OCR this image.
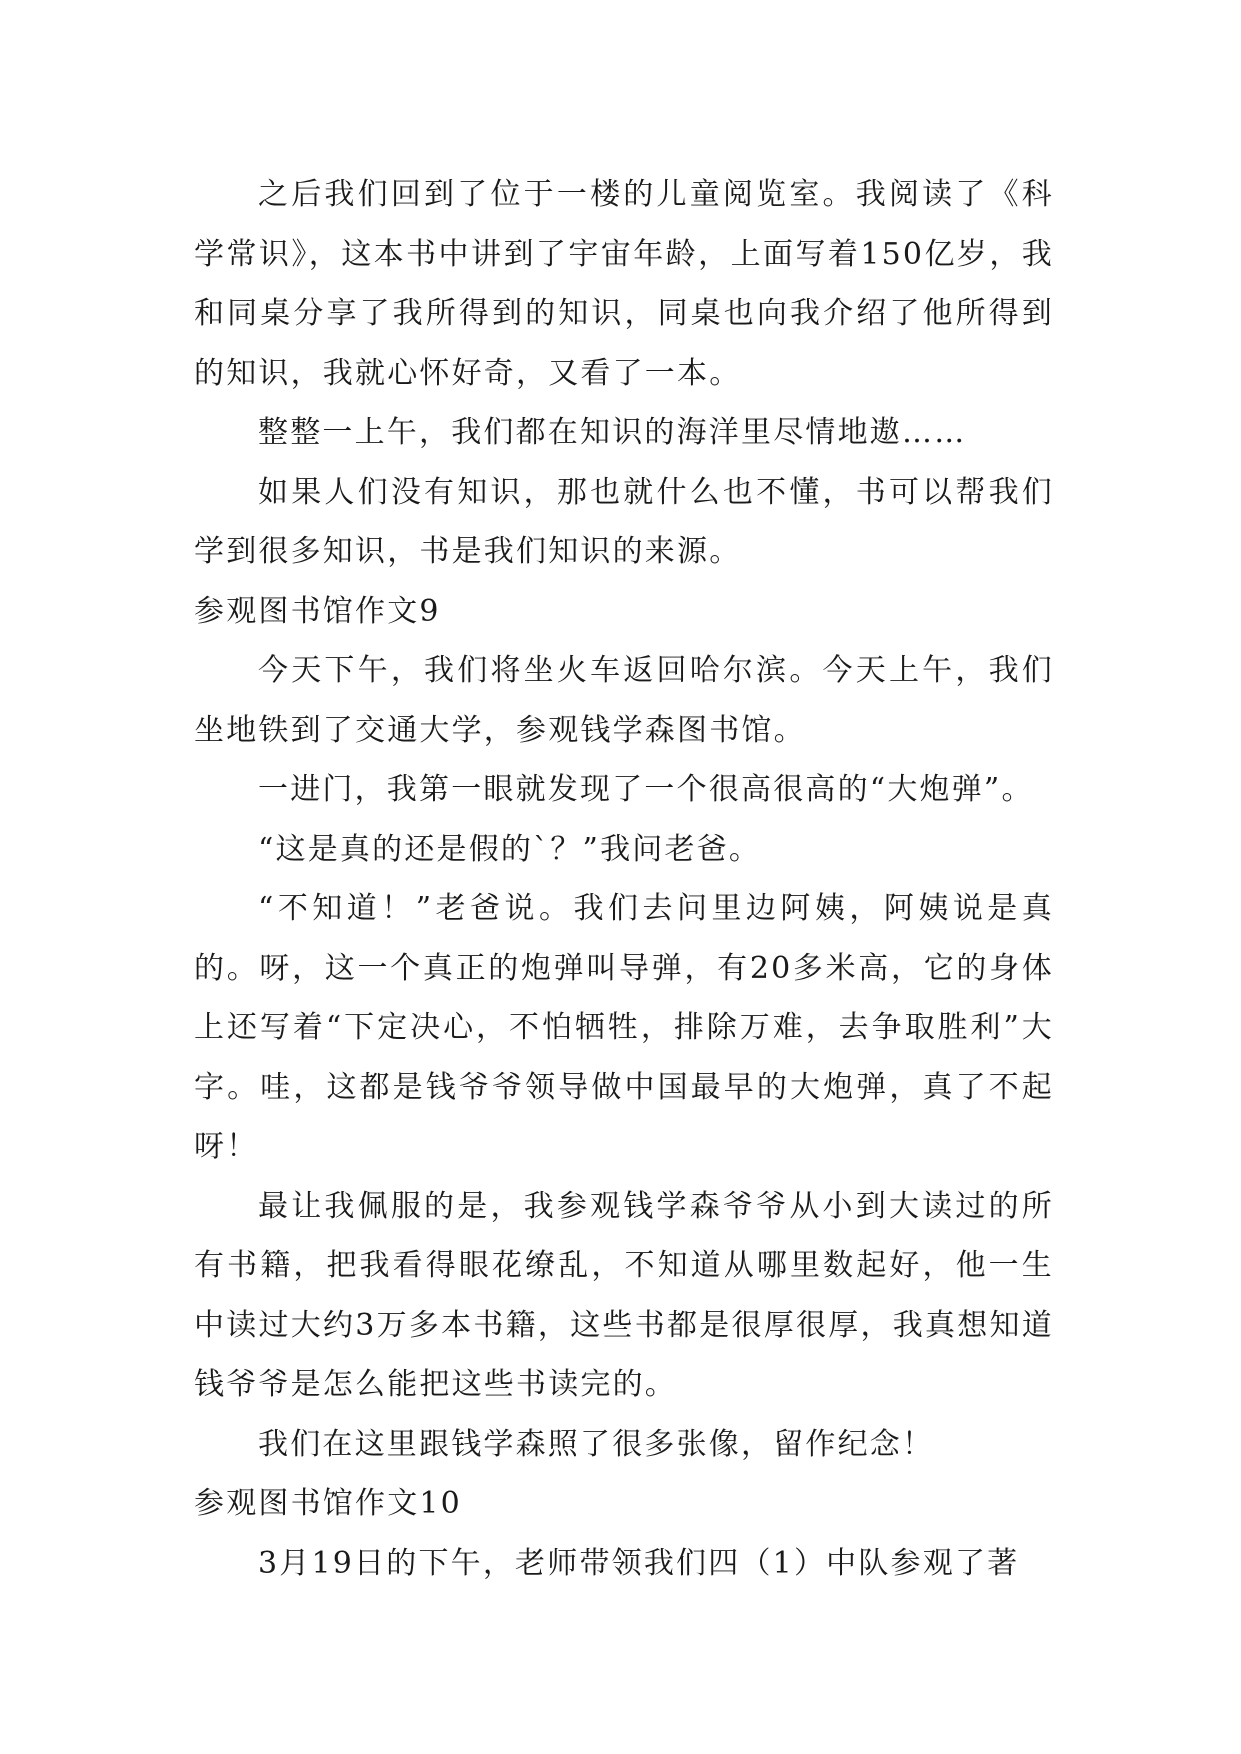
之后我们回到了位于一楼的儿童阅览室。我阅读了《科学常识》，这本书中讲到了宇宙年龄，上面写着150亿岁，我和同桌分享了我所得到的知识，同桌也向我介绍了他所得到的知识，我就心怀好奇，又看了一本。

整整一上午，我们都在知识的海洋里尽情地遨……

如果人们没有知识，那也就什么也不懂，书可以帮我们学到很多知识，书是我们知识的来源。

参观图书馆作文9

今天下午，我们将坐火车返回哈尔滨。今天上午，我们坐地铁到了交通大学，参观钱学森图书馆。

一进门，我第一眼就发现了一个很高很高的“大炮弹”。

“这是真的还是假的`？”我问老爸。

“不知道！”老爸说。我们去问里边阿姨，阿姨说是真的。呀，这一个真正的炮弹叫导弹，有20多米高，它的身体上还写着“下定决心，不怕牺牲，排除万难，去争取胜利”大字。哇，这都是钱爷爷领导做中国最早的大炮弹，真了不起呀！

最让我佩服的是，我参观钱学森爷爷从小到大读过的所有书籍，把我看得眼花缭乱，不知道从哪里数起好，他一生中读过大约3万多本书籍，这些书都是很厚很厚，我真想知道钱爷爷是怎么能把这些书读完的。

我们在这里跟钱学森照了很多张像，留作纪念！

参观图书馆作文10

3月19日的下午，老师带领我们四（1）中队参观了著
